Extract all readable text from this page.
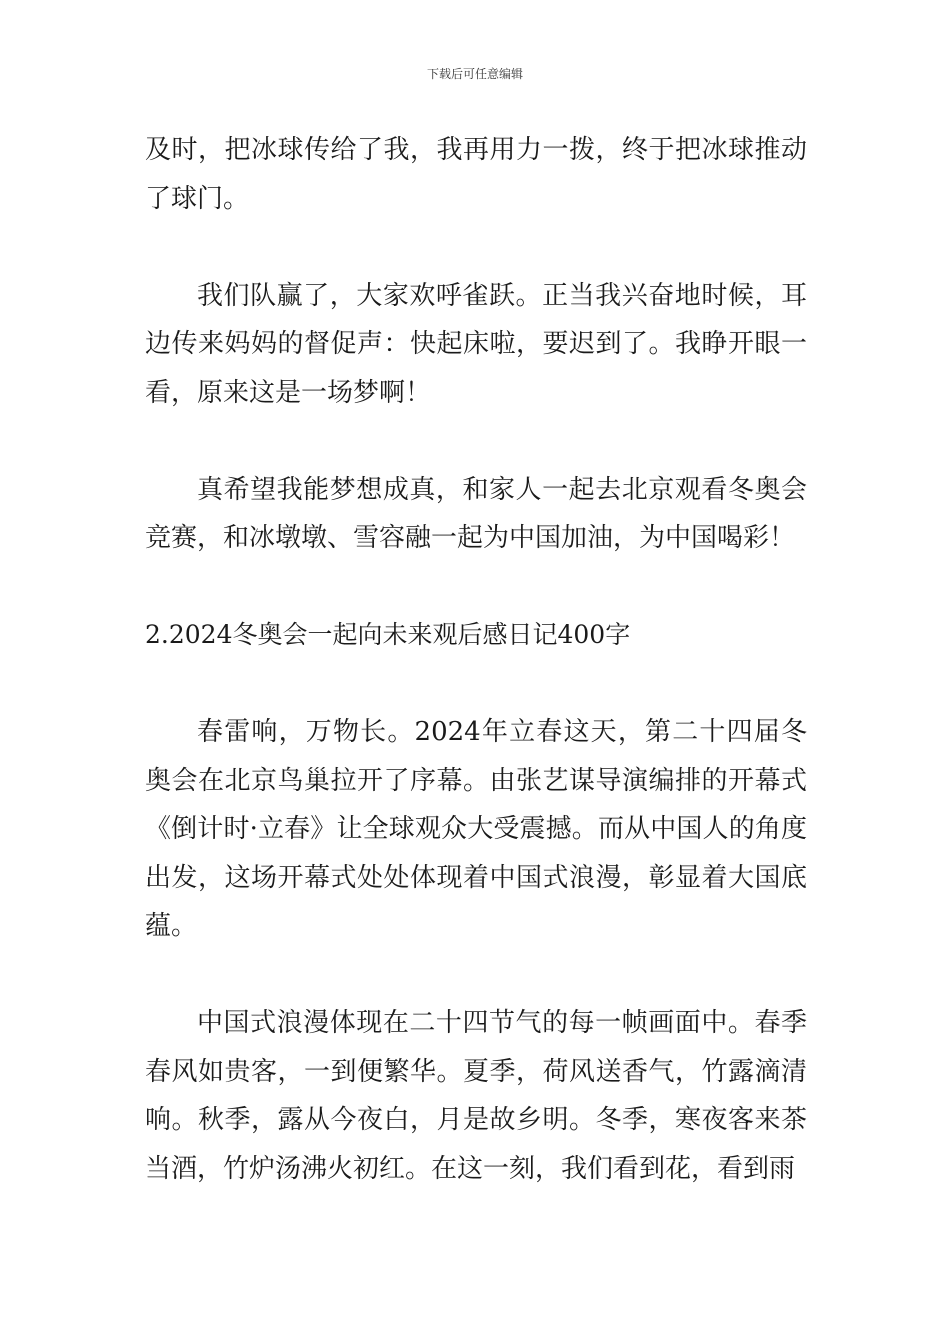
下载后可任意编辑

及时，把冰球传给了我，我再用力一拨，终于把冰球推动了球门。

我们队赢了，大家欢呼雀跃。正当我兴奋地时候，耳边传来妈妈的督促声：快起床啦，要迟到了。我睁开眼一看，原来这是一场梦啊！

真希望我能梦想成真，和家人一起去北京观看冬奥会竞赛，和冰墩墩、雪容融一起为中国加油，为中国喝彩！

2.2024冬奥会一起向未来观后感日记400字

春雷响，万物长。2024年立春这天，第二十四届冬奥会在北京鸟巢拉开了序幕。由张艺谋导演编排的开幕式《倒计时·立春》让全球观众大受震撼。而从中国人的角度出发，这场开幕式处处体现着中国式浪漫，彰显着大国底蕴。

中国式浪漫体现在二十四节气的每一帧画面中。春季春风如贵客，一到便繁华。夏季，荷风送香气，竹露滴清响。秋季，露从今夜白，月是故乡明。冬季，寒夜客来茶当酒，竹炉汤沸火初红。在这一刻，我们看到花，看到雨
